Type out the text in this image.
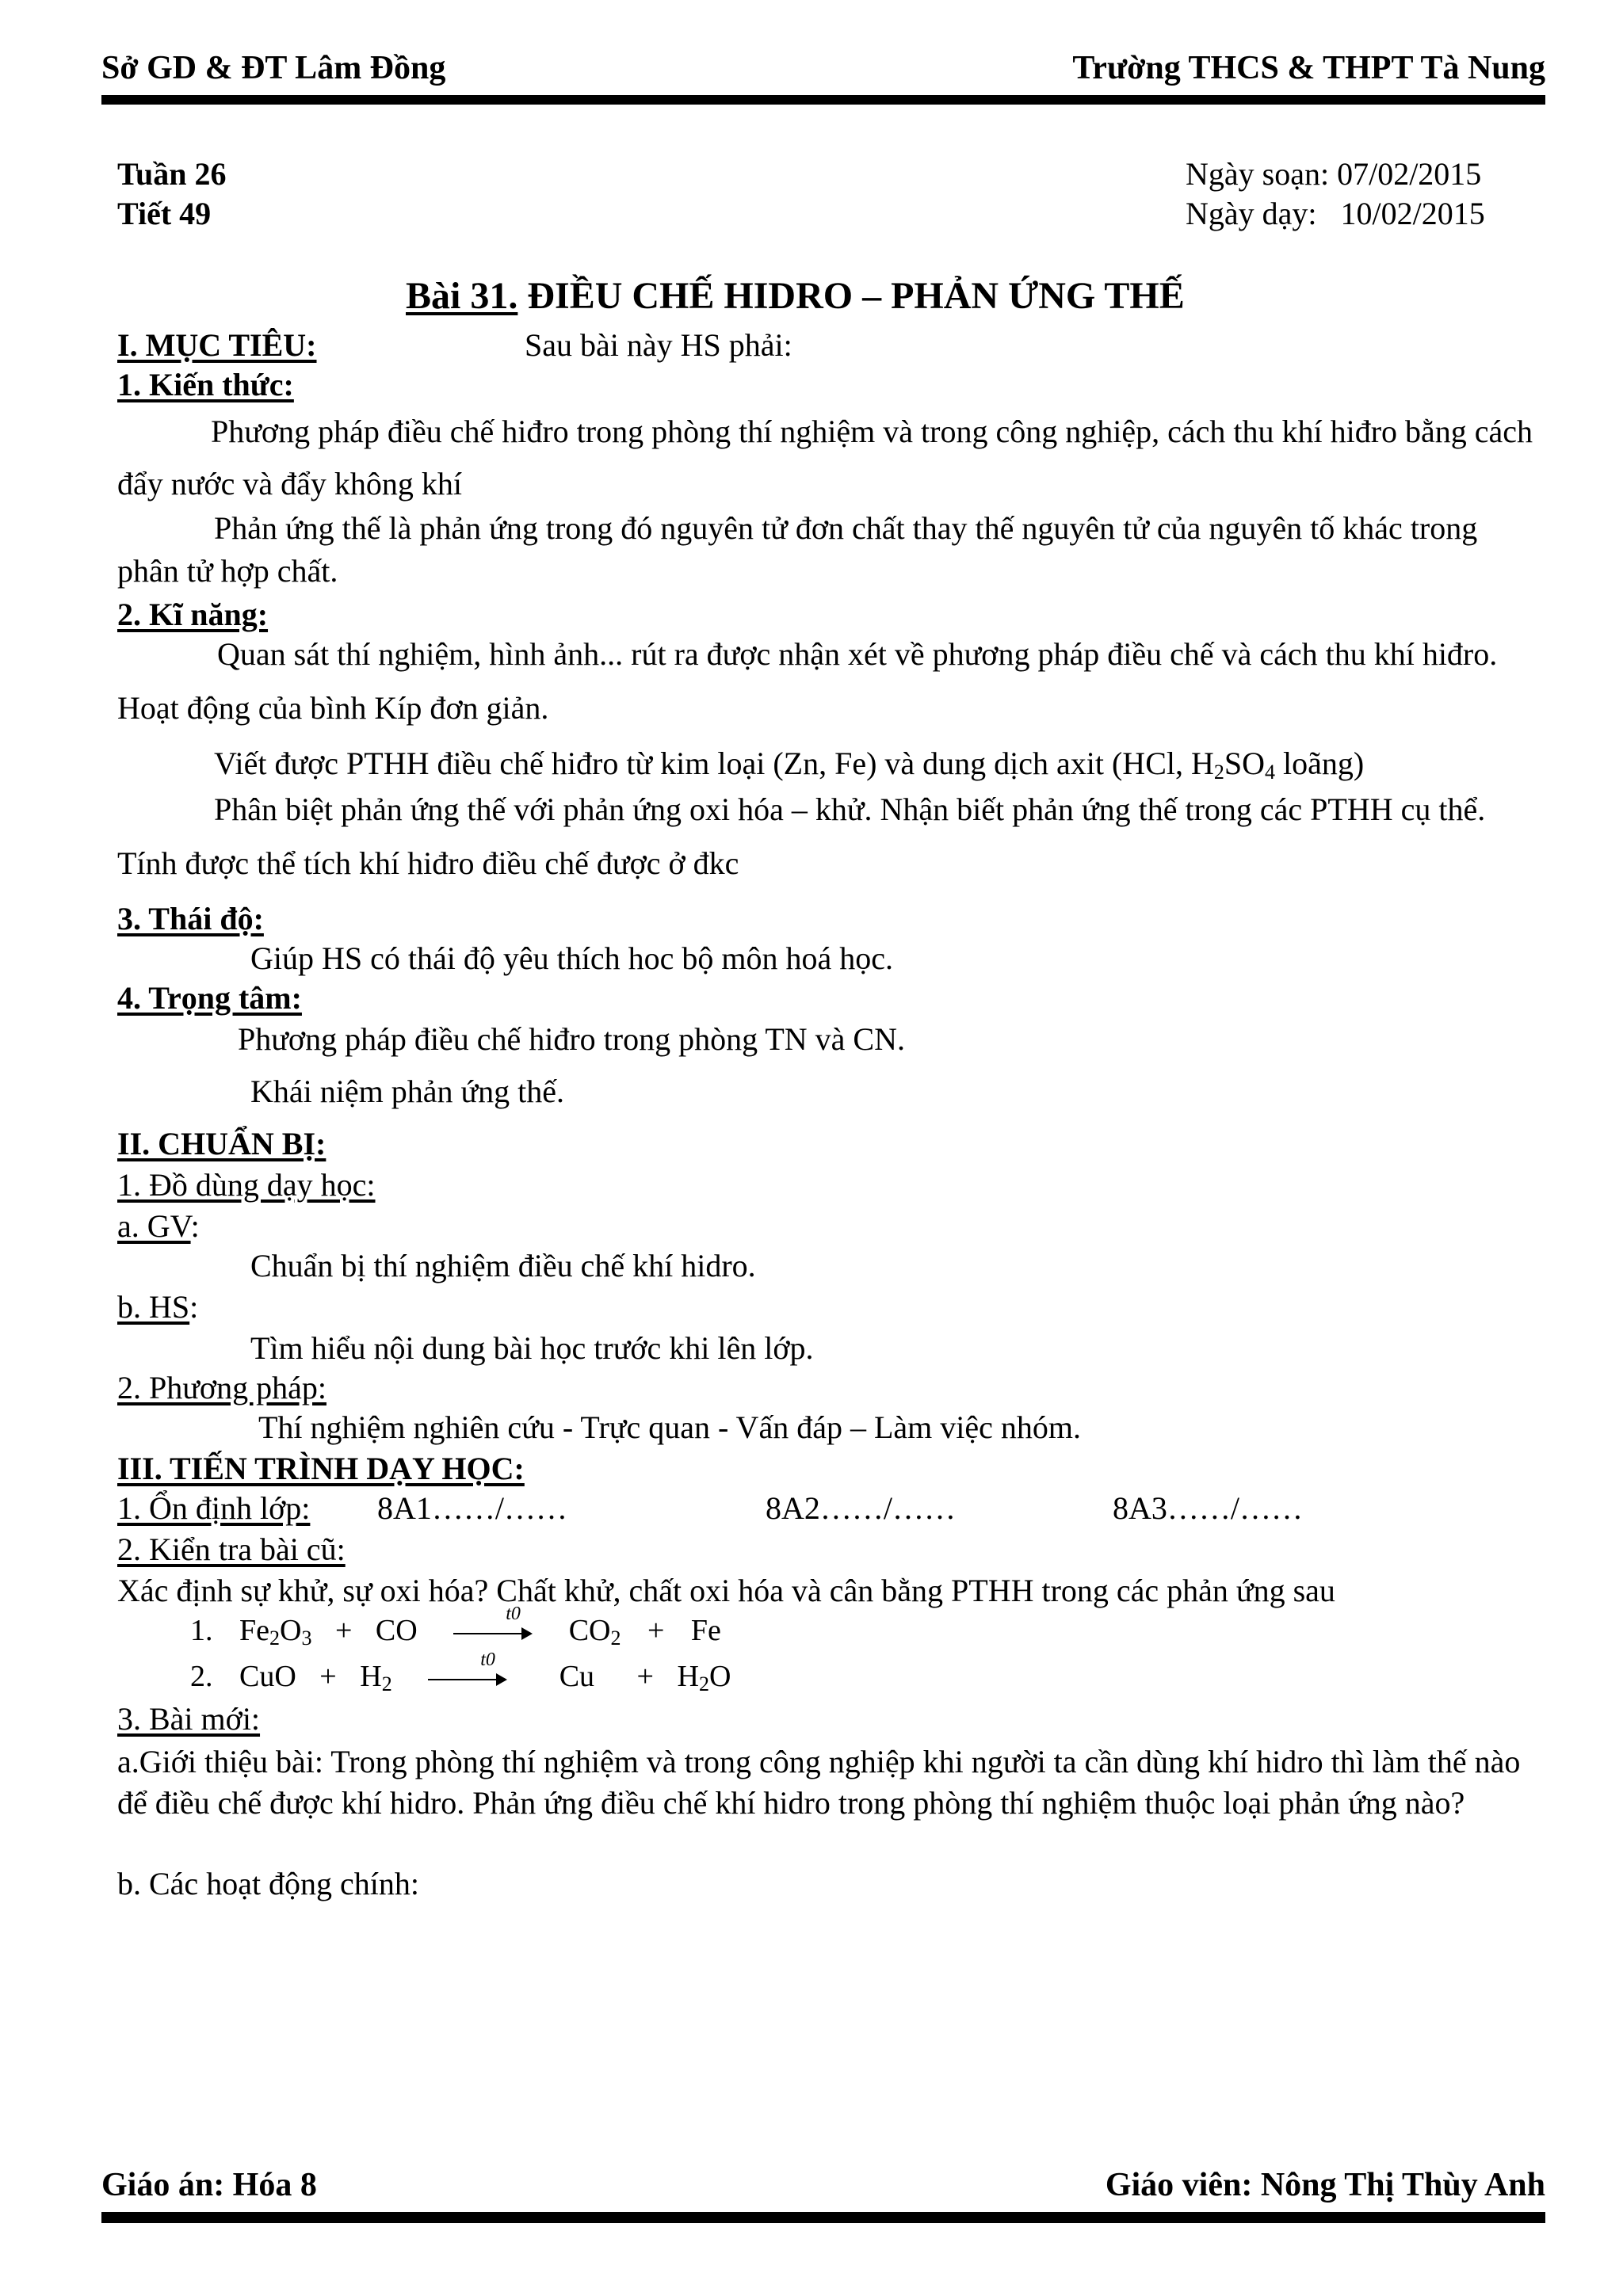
Sở GD & ĐT Lâm Đồng	Trường THCS & THPT Tà Nung
Tuần 26
Tiết 49
Ngày soạn: 07/02/2015
Ngày dạy: 10/02/2015
Bài 31. ĐIỀU CHẾ HIDRO – PHẢN ỨNG THẾ
I. MỤC TIÊU:	Sau bài này HS phải:
1. Kiến thức:
Phương pháp điều chế hiđro trong phòng thí nghiệm và trong công nghiệp, cách thu khí hiđro bằng cách đẩy nước và đẩy không khí
Phản ứng thế là phản ứng trong đó nguyên tử đơn chất thay thế nguyên tử của nguyên tố khác trong phân tử hợp chất.
2. Kĩ năng:
Quan sát thí nghiệm, hình ảnh... rút ra được nhận xét về phương pháp điều chế và cách thu khí hiđro. Hoạt động của bình Kíp đơn giản.
Viết được PTHH điều chế hiđro từ kim loại (Zn, Fe) và dung dịch axit (HCl, $H_2SO_4$ loãng)
Phân biệt phản ứng thế với phản ứng oxi hóa – khử. Nhận biết phản ứng thế trong các PTHH cụ thể. Tính được thể tích khí hiđro điều chế được ở đkc
3. Thái độ:
Giúp HS có thái độ yêu thích hoc bộ môn hoá học.
4. Trọng tâm:
Phương pháp điều chế hiđro trong phòng TN và CN.
Khái niệm phản ứng thế.
II. CHUẨN BỊ:
1. Đồ dùng dạy học:
a. GV:
Chuẩn bị thí nghiệm điều chế khí hidro.
b. HS:
Tìm hiểu nội dung bài học trước khi lên lớp.
2. Phương pháp:
Thí nghiệm nghiên cứu - Trực quan - Vấn đáp – Làm việc nhóm.
III. TIẾN TRÌNH DẠY HỌC:
1. Ổn định lớp: 8A1……/……	8A2……/……	8A3……/……
2. Kiển tra bài cũ:
Xác định sự khử, sự oxi hóa? Chất khử, chất oxi hóa và cân bằng PTHH trong các phản ứng sau
1. $Fe_2O_3$ + CO	t0 $CO_2 + Fe$
2. CuO + $H_2$
t0 $Cu + H_2O$
3. Bài mới:
a.Giới thiệu bài: Trong phòng thí nghiệm và trong công nghiệp khi người ta cần dùng khí hidro thì làm thế nào để điều chế được khí hidro. Phản ứng điều chế khí hidro trong phòng thí nghiệm thuộc loại phản ứng nào?
b. Các hoạt động chính:
Giáo án: Hóa 8	Giáo viên: Nông Thị Thùy Anh
